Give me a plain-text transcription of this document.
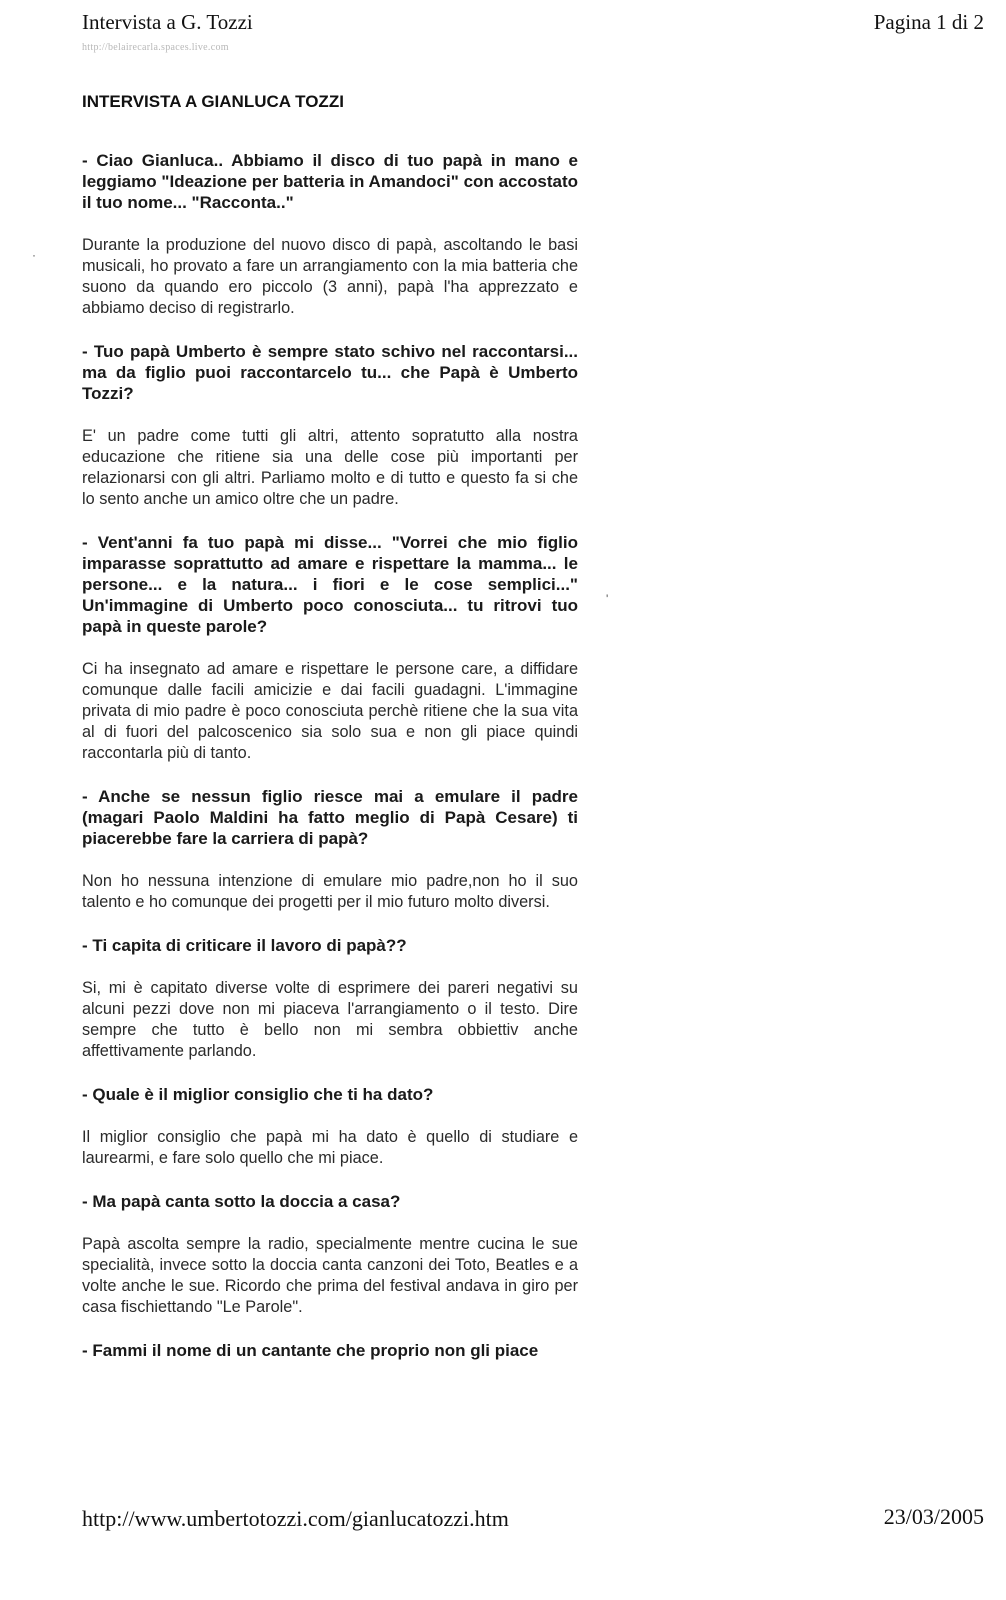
Intervista a G. Tozzi
http://belairecarla.spaces.live.com
Pagina 1 di 2
INTERVISTA A GIANLUCA TOZZI

- Ciao Gianluca.. Abbiamo il disco di tuo papà in mano e leggiamo "Ideazione per batteria in Amandoci" con accostato il tuo nome... "Racconta.."

Durante la produzione del nuovo disco di papà, ascoltando le basi musicali, ho provato a fare un arrangiamento con la mia batteria che suono da quando ero piccolo (3 anni), papà l'ha apprezzato e abbiamo deciso di registrarlo.

- Tuo papà Umberto è sempre stato schivo nel raccontarsi... ma da figlio puoi raccontarcelo tu... che Papà è Umberto Tozzi?

E' un padre come tutti gli altri, attento sopratutto alla nostra educazione che ritiene sia una delle cose più importanti per relazionarsi con gli altri. Parliamo molto e di tutto e questo fa si che lo sento anche un amico oltre che un padre.

- Vent'anni fa tuo papà mi disse... "Vorrei che mio figlio imparasse soprattutto ad amare e rispettare la mamma... le persone... e la natura... i fiori e le cose semplici..." Un'immagine di Umberto poco conosciuta... tu ritrovi tuo papà in queste parole?

Ci ha insegnato ad amare e rispettare le persone care, a diffidare comunque dalle facili amicizie e dai facili guadagni. L'immagine privata di mio padre è poco conosciuta perchè ritiene che la sua vita al di fuori del palcoscenico sia solo sua e non gli piace quindi raccontarla più di tanto.

- Anche se nessun figlio riesce mai a emulare il padre (magari Paolo Maldini ha fatto meglio di Papà Cesare) ti piacerebbe fare la carriera di papà?

Non ho nessuna intenzione di emulare mio padre,non ho il suo talento e ho comunque dei progetti per il mio futuro molto diversi.

- Ti capita di criticare il lavoro di papà??

Si, mi è capitato diverse volte di esprimere dei pareri negativi su alcuni pezzi dove non mi piaceva l'arrangiamento o il testo. Dire sempre che tutto è bello non mi sembra obbiettiv anche affettivamente parlando.

- Quale è il miglior consiglio che ti ha dato?

Il miglior consiglio che papà mi ha dato è quello di studiare e laurearmi, e fare solo quello che mi piace.

- Ma papà canta sotto la doccia a casa?

Papà ascolta sempre la radio, specialmente mentre cucina le sue specialità, invece sotto la doccia canta canzoni dei Toto, Beatles e a volte anche le sue. Ricordo che prima del festival andava in giro per casa fischiettando "Le Parole".

- Fammi il nome di un cantante che proprio non gli piace

·
'
http://www.umbertotozzi.com/gianlucatozzi.htm	23/03/2005
